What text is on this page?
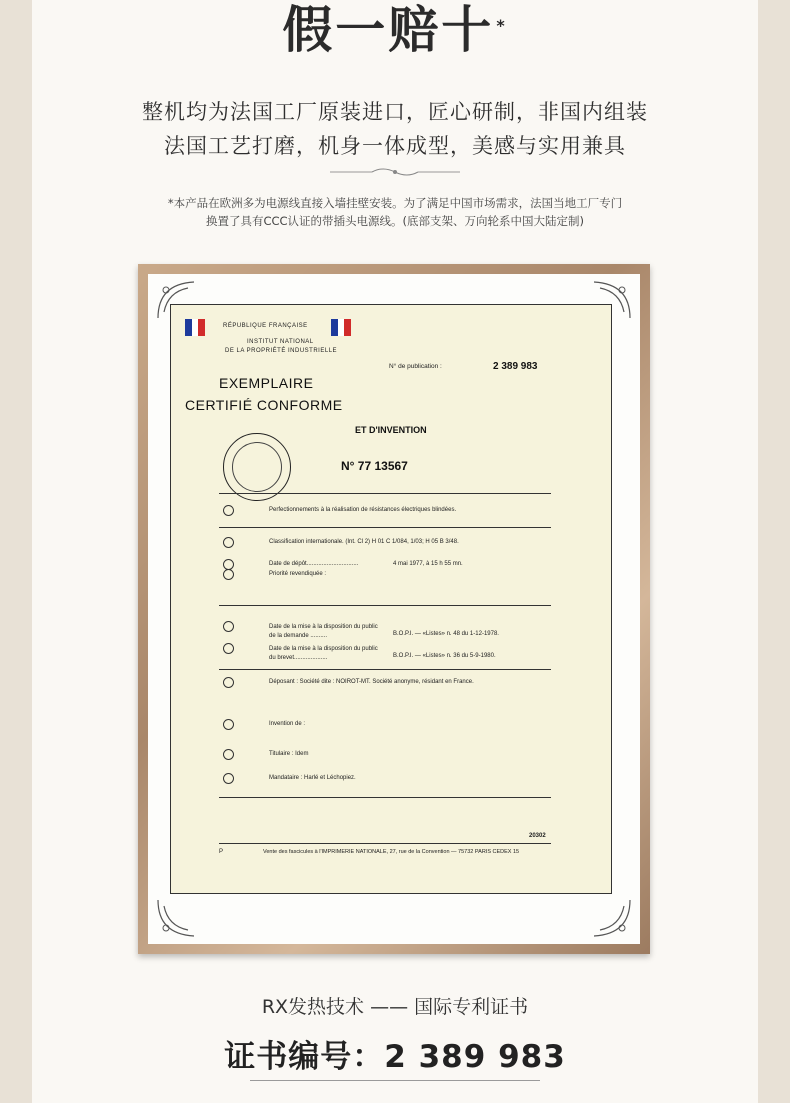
假一赔十 *
整机均为法国工厂原装进口，匠心研制，非国内组装
法国工艺打磨，机身一体成型，美感与实用兼具
*本产品在欧洲多为电源线直接入墙挂壁安装。为了满足中国市场需求，法国当地工厂专门
换置了具有CCC认证的带插头电源线。(底部支架、万向轮系中国大陆定制)
RÉPUBLIQUE FRANÇAISE
INSTITUT NATIONAL
DE LA PROPRIÉTÉ INDUSTRIELLE
EXEMPLAIRE
CERTIFIÉ CONFORME
N° de publication :	2 389 983
ET D'INVENTION
N° 77 13567
Perfectionnements à la réalisation de résistances électriques blindées.
Classification internationale. (Int. Cl 2) H 01 C 1/084, 1/03; H 05 B 3/48.
Date de dépôt...............................	4 mai 1977, à 15 h 55 mn.
Priorité revendiquée :
Date de la mise à la disposition du public de la demande ..........	B.O.P.I. — «Listes» n. 48 du 1-12-1978.
Date de la mise à la disposition du public du brevet....................	B.O.P.I. — «Listes» n. 36 du 5-9-1980.
Déposant : Société dite : NOIROT-MT. Société anonyme, résidant en France.
Invention de :
Titulaire : Idem
Mandataire : Harlé et Léchopiez.
20302
P	Vente des fascicules à l'IMPRIMERIE NATIONALE, 27, rue de la Convention — 75732 PARIS CEDEX 15
RX发热技术 —— 国际专利证书
证书编号：2 389 983
